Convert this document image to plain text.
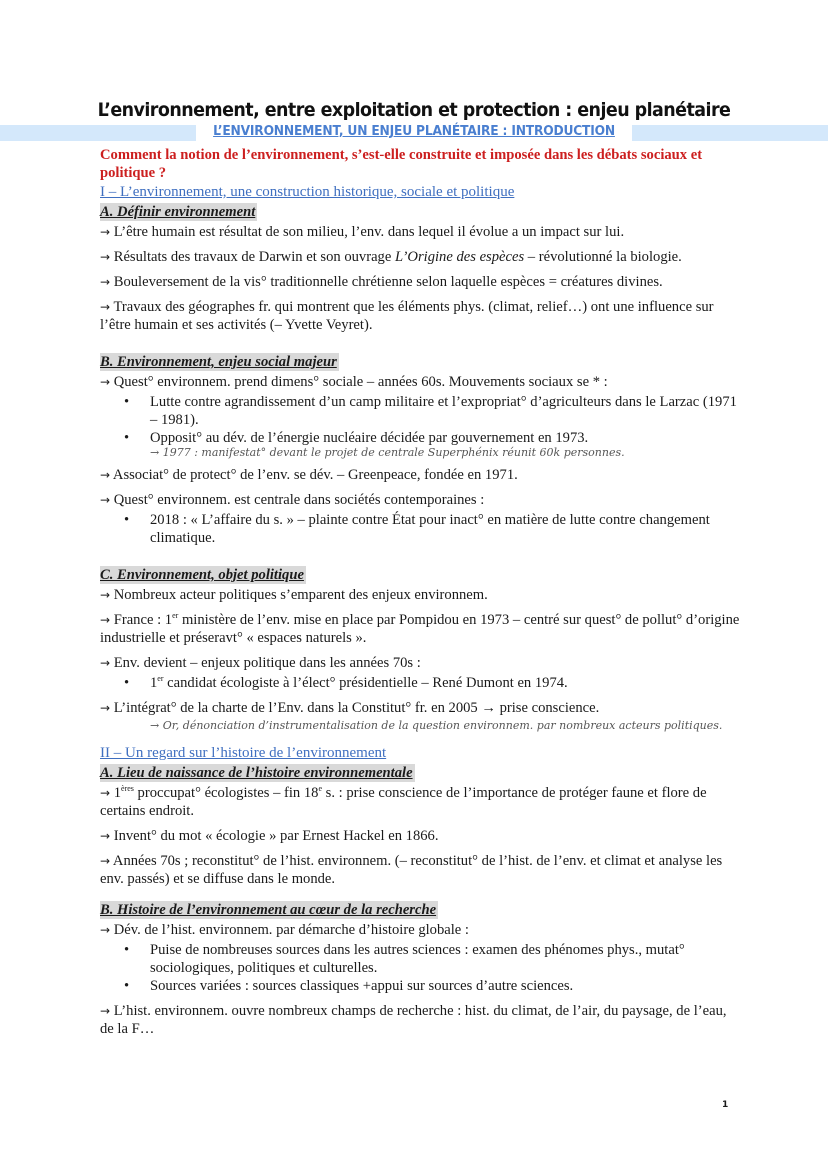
L’environnement, entre exploitation et protection : enjeu planétaire
L’ENVIRONNEMENT, UN ENJEU PLANÉTAIRE : INTRODUCTION

Comment la notion de l’environnement, s’est-elle construite et imposée dans les débats sociaux et politique ?

I – L’environnement, une construction historique, sociale et politique
A. Définir environnement

→ L’être humain est résultat de son milieu, l’env. dans lequel il évolue a un impact sur lui.

→ Résultats des travaux de Darwin et son ouvrage L’Origine des espèces – révolutionné la biologie.

→ Bouleversement de la vis° traditionnelle chrétienne selon laquelle espèces = créatures divines.

→ Travaux des géographes fr. qui montrent que les éléments phys. (climat, relief…) ont une influence sur l’être humain et ses activités (– Yvette Veyret).

B. Environnement, enjeu social majeur

→ Quest° environnem. prend dimens° sociale – années 60s. Mouvements sociaux se * :

• Lutte contre agrandissement d’un camp militaire et l’expropriat° d’agriculteurs dans le Larzac (1971 – 1981).
• Opposit° au dév. de l’énergie nucléaire décidée par gouvernement en 1973.
→ 1977 : manifestat° devant le projet de centrale Superphénix réunit 60k personnes.

→ Associat° de protect° de l’env. se dév. – Greenpeace, fondée en 1971.

→ Quest° environnem. est centrale dans sociétés contemporaines :

• 2018 : « L’affaire du s. » – plainte contre État pour inact° en matière de lutte contre changement climatique.
C. Environnement, objet politique

→ Nombreux acteur politiques s’emparent des enjeux environnem.

→ France : 1er ministère de l’env. mise en place par Pompidou en 1973 – centré sur quest° de pollut° d’origine industrielle et préseravt° « espaces naturels ».

→ Env. devient – enjeux politique dans les années 70s :

• 1er candidat écologiste à l’élect° présidentielle – René Dumont en 1974.

→ L’intégrat° de la charte de l’Env. dans la Constitut° fr. en 2005 → prise conscience.

→ Or, dénonciation d’instrumentalisation de la question environnem. par nombreux acteurs politiques.
II – Un regard sur l’histoire de l’environnement
A. Lieu de naissance de l’histoire environnementale

→ 1ères proccupat° écologistes – fin 18e s. : prise conscience de l’importance de protéger faune et flore de certains endroit.

→ Invent° du mot « écologie » par Ernest Hackel en 1866.

→ Années 70s ; reconstitut° de l’hist. environnem. (– reconstitut° de l’hist. de l’env. et climat et analyse les env. passés) et se diffuse dans le monde.

B. Histoire de l’environnement au cœur de la recherche

→ Dév. de l’hist. environnem. par démarche d’histoire globale :

• Puise de nombreuses sources dans les autres sciences : examen des phénomes phys., mutat° sociologiques, politiques et culturelles.
• Sources variées : sources classiques +appui sur sources d’autre sciences.

→ L’hist. environnem. ouvre nombreux champs de recherche : hist. du climat, de l’air, du paysage, de l’eau, de la F…

1
